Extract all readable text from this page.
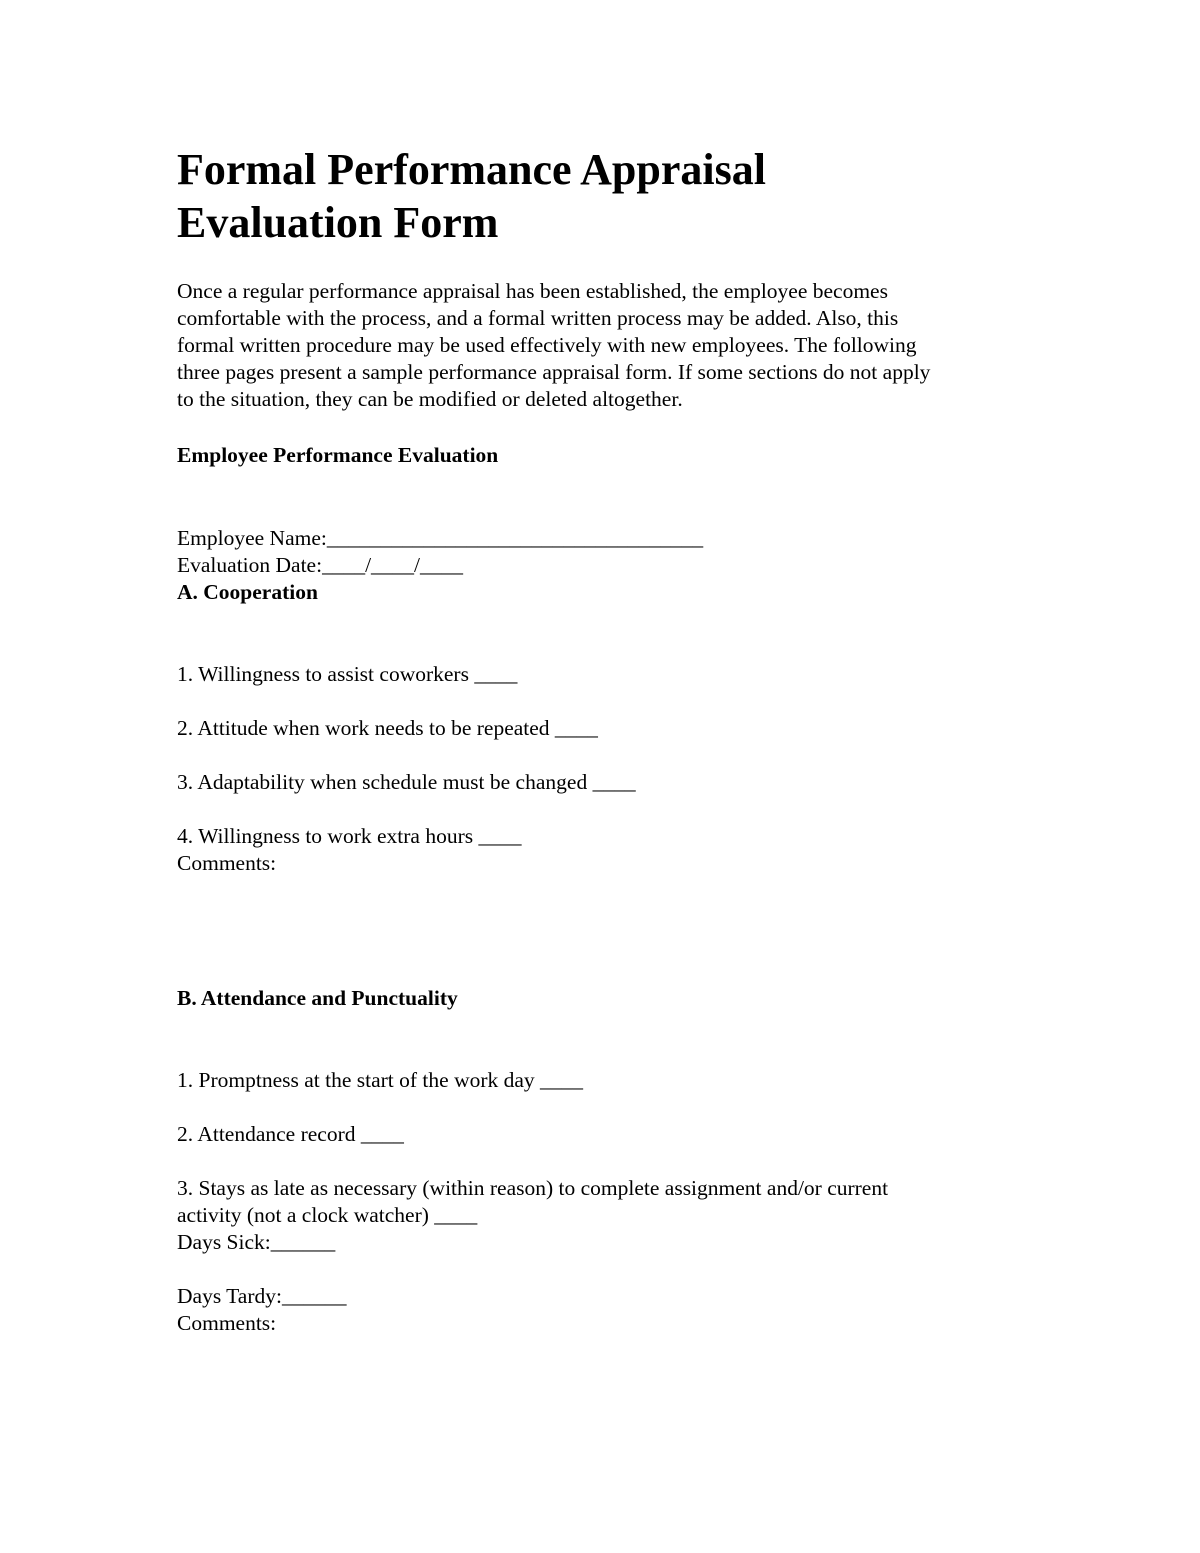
Formal Performance Appraisal
Evaluation Form

Once a regular performance appraisal has been established, the employee becomes
comfortable with the process, and a formal written process may be added. Also, this
formal written procedure may be used effectively with new employees. The following
three pages present a sample performance appraisal form. If some sections do not apply
to the situation, they can be modified or deleted altogether.

Employee Performance Evaluation

Employee Name:___________________________________

Evaluation Date:____/____/____

A. Cooperation

1. Willingness to assist coworkers ____

2. Attitude when work needs to be repeated ____

3. Adaptability when schedule must be changed ____

4. Willingness to work extra hours ____

Comments:

B. Attendance and Punctuality

1. Promptness at the start of the work day ____

2. Attendance record ____

3. Stays as late as necessary (within reason) to complete assignment and/or current

activity (not a clock watcher) ____

Days Sick:______

Days Tardy:______

Comments:
